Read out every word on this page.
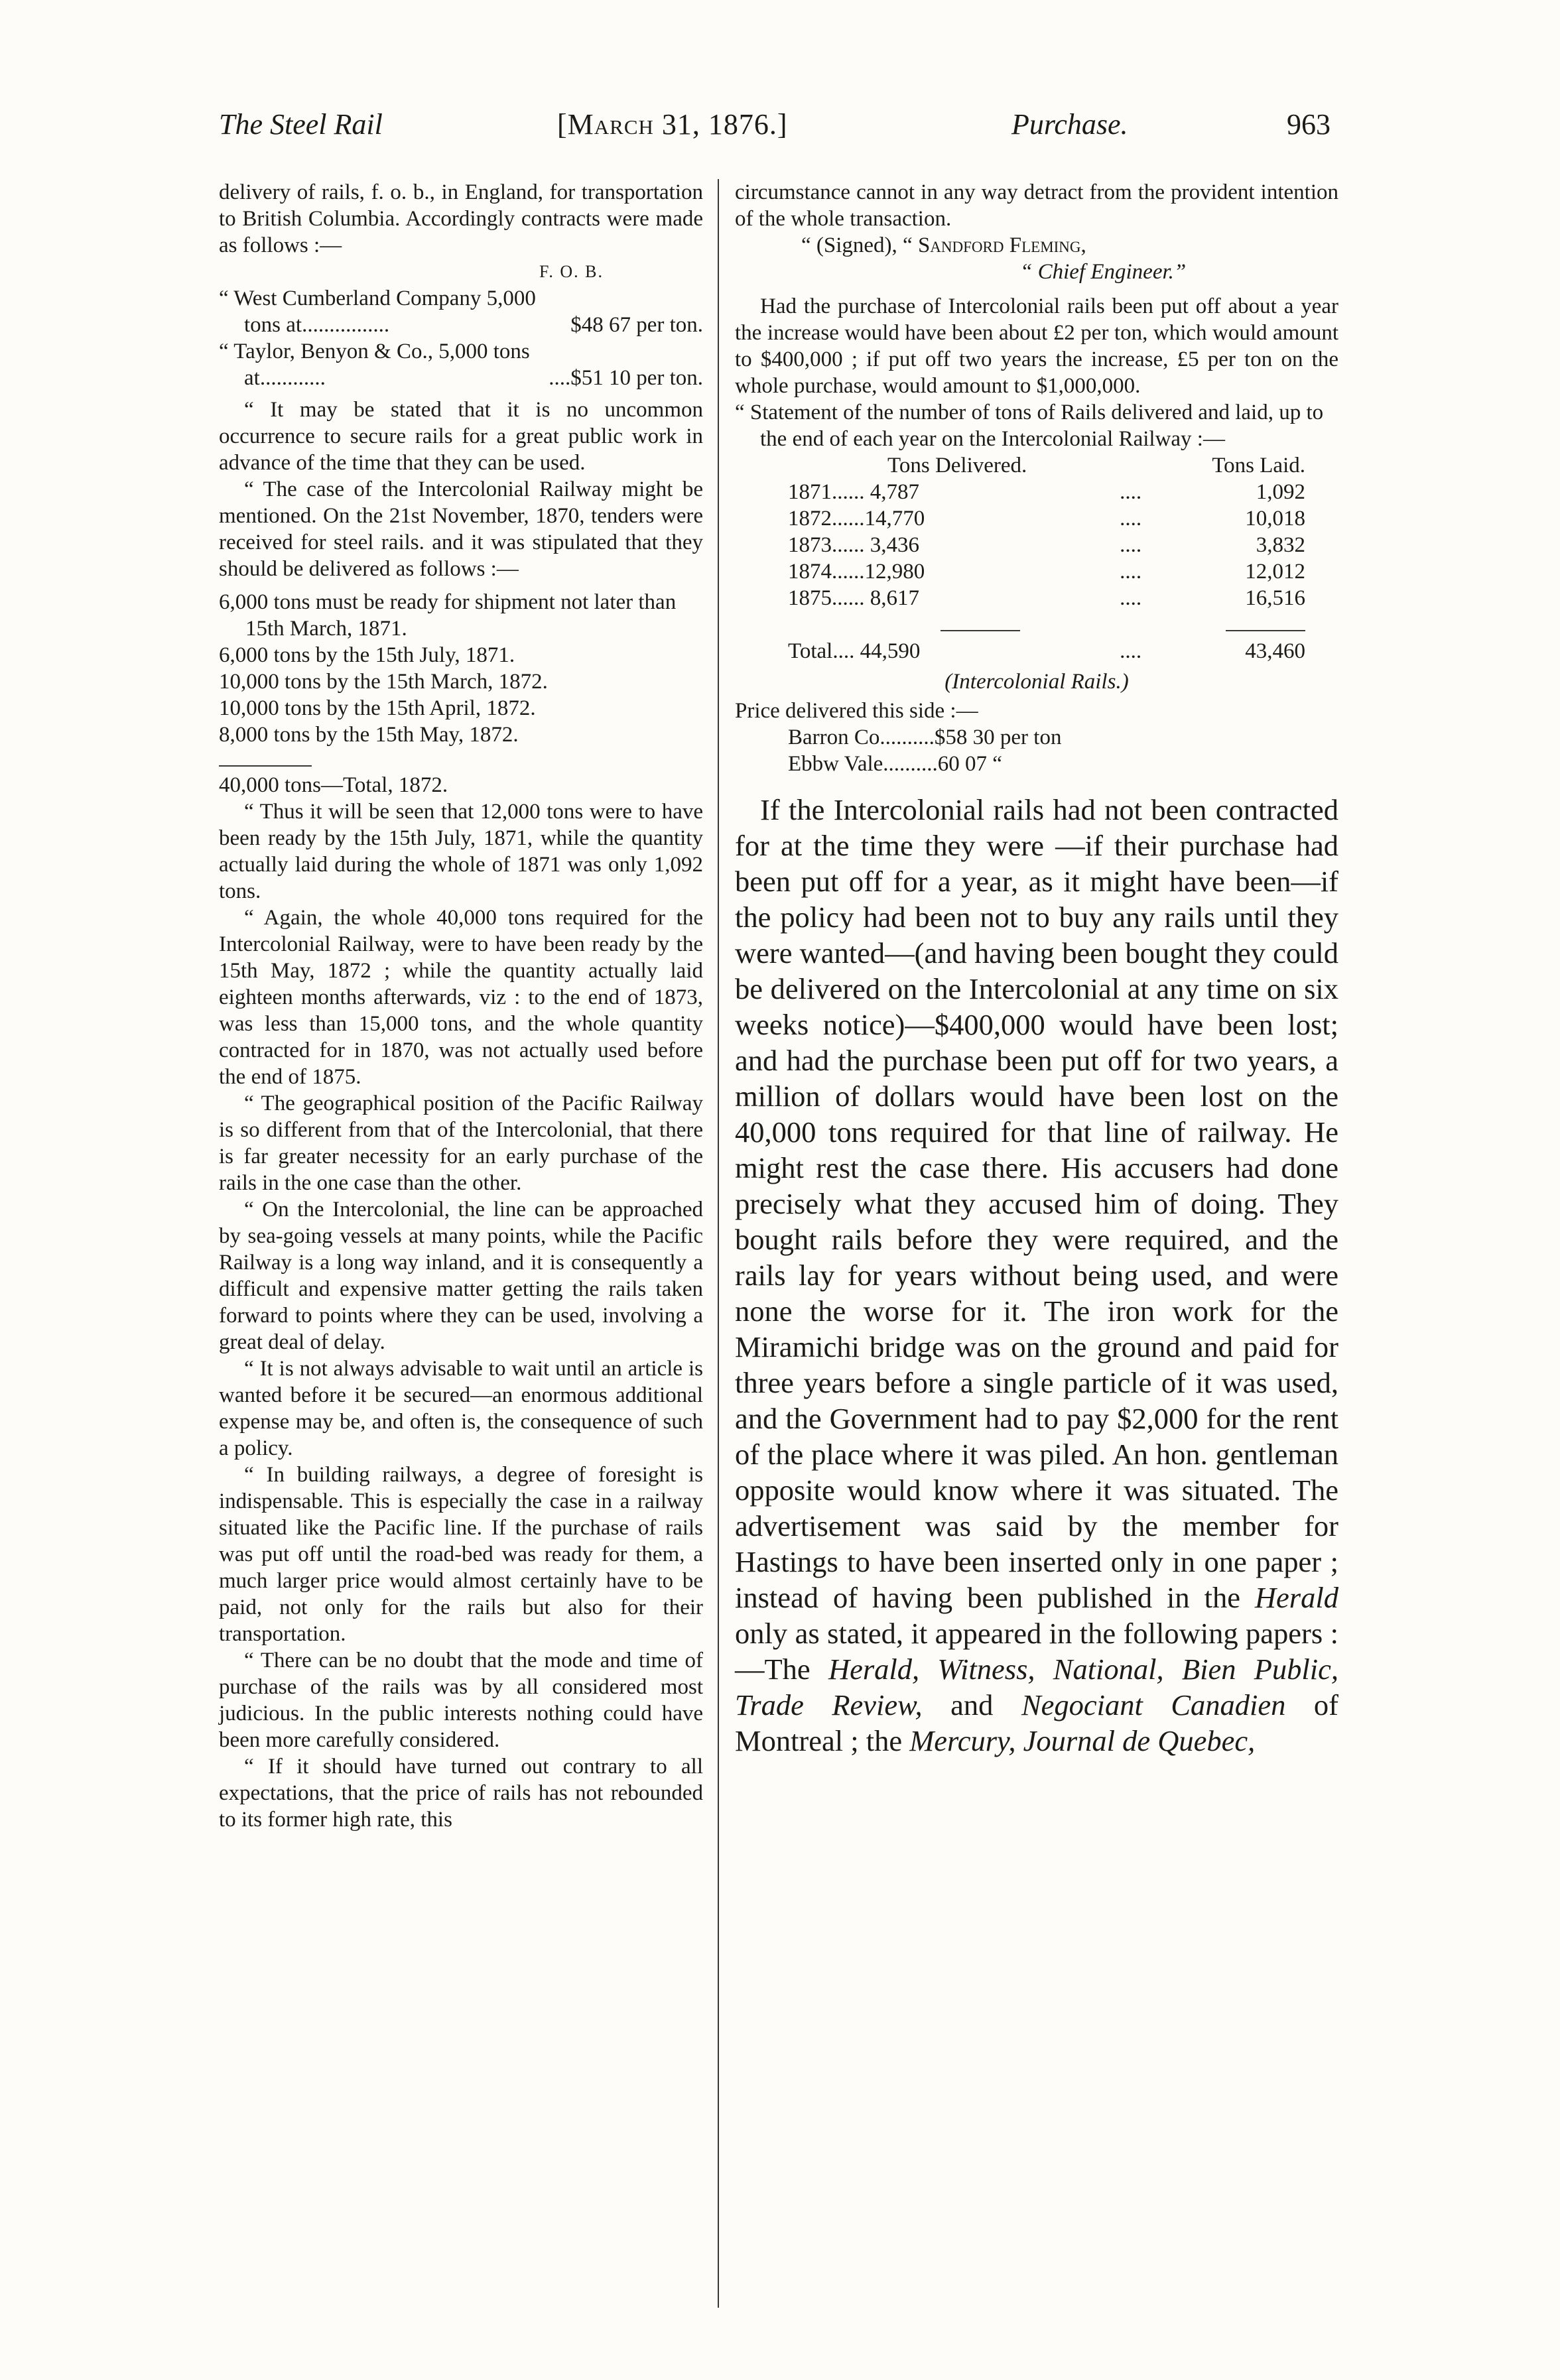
The Steel Rail	[March 31, 1876.]	Purchase.	963

delivery of rails, f. o. b., in England, for transportation to British Columbia. Accordingly contracts were made as follows :—

F. O. B.

“ West Cumberland Company 5,000

tons at................	$48 67 per ton.

“ Taylor, Benyon & Co., 5,000 tons

at............	....$51 10 per ton.

“ It may be stated that it is no uncommon occurrence to secure rails for a great public work in advance of the time that they can be used.

“ The case of the Intercolonial Railway might be mentioned. On the 21st November, 1870, tenders were received for steel rails. and it was stipulated that they should be delivered as follows :—

6,000 tons must be ready for shipment not later than 15th March, 1871.

6,000 tons by the 15th July, 1871.

10,000 tons by the 15th March, 1872.

10,000 tons by the 15th April, 1872.

8,000 tons by the 15th May, 1872.

40,000 tons—Total, 1872.

“ Thus it will be seen that 12,000 tons were to have been ready by the 15th July, 1871, while the quantity actually laid during the whole of 1871 was only 1,092 tons.

“ Again, the whole 40,000 tons required for the Intercolonial Railway, were to have been ready by the 15th May, 1872 ; while the quantity actually laid eighteen months afterwards, viz : to the end of 1873, was less than 15,000 tons, and the whole quantity contracted for in 1870, was not actually used before the end of 1875.

“ The geographical position of the Pacific Railway is so different from that of the Intercolonial, that there is far greater necessity for an early purchase of the rails in the one case than the other.

“ On the Intercolonial, the line can be approached by sea-going vessels at many points, while the Pacific Railway is a long way inland, and it is consequently a difficult and expensive matter getting the rails taken forward to points where they can be used, involving a great deal of delay.

“ It is not always advisable to wait until an article is wanted before it be secured—an enormous additional expense may be, and often is, the consequence of such a policy.

“ In building railways, a degree of foresight is indispensable. This is especially the case in a railway situated like the Pacific line. If the purchase of rails was put off until the road-bed was ready for them, a much larger price would almost certainly have to be paid, not only for the rails but also for their transportation.

“ There can be no doubt that the mode and time of purchase of the rails was by all considered most judicious. In the public interests nothing could have been more carefully considered.

“ If it should have turned out contrary to all expectations, that the price of rails has not rebounded to its former high rate, this

circumstance cannot in any way detract from the provident intention of the whole transaction.

“ (Signed), “ Sandford Fleming,

“ Chief Engineer.”

Had the purchase of Intercolonial rails been put off about a year the increase would have been about £2 per ton, which would amount to $400,000 ; if put off two years the increase, £5 per ton on the whole purchase, would amount to $1,000,000.

“ Statement of the number of tons of Rails delivered and laid, up to the end of each year on the Intercolonial Railway :—

Tons Delivered.		Tons Laid.
1871...... 4,787	....	1,092
1872......14,770	....	10,018
1873...... 3,436	....	3,832
1874......12,980	....	12,012
1875...... 8,617	....	16,516

Total.... 44,590	....	43,460

(Intercolonial Rails.)

Price delivered this side :—

Barron Co..........$58 30 per ton
Ebbw Vale..........60 07 “

If the Intercolonial rails had not been contracted for at the time they were —if their purchase had been put off for a year, as it might have been—if the policy had been not to buy any rails until they were wanted—(and having been bought they could be delivered on the Intercolonial at any time on six weeks notice)—$400,000 would have been lost; and had the purchase been put off for two years, a million of dollars would have been lost on the 40,000 tons required for that line of railway. He might rest the case there. His accusers had done precisely what they accused him of doing. They bought rails before they were required, and the rails lay for years without being used, and were none the worse for it. The iron work for the Miramichi bridge was on the ground and paid for three years before a single particle of it was used, and the Government had to pay $2,000 for the rent of the place where it was piled. An hon. gentleman opposite would know where it was situated. The advertisement was said by the member for Hastings to have been inserted only in one paper ; instead of having been published in the Herald only as stated, it appeared in the following papers :—The Herald, Witness, National, Bien Public, Trade Review, and Negociant Canadien of Montreal ; the Mercury, Journal de Quebec,
